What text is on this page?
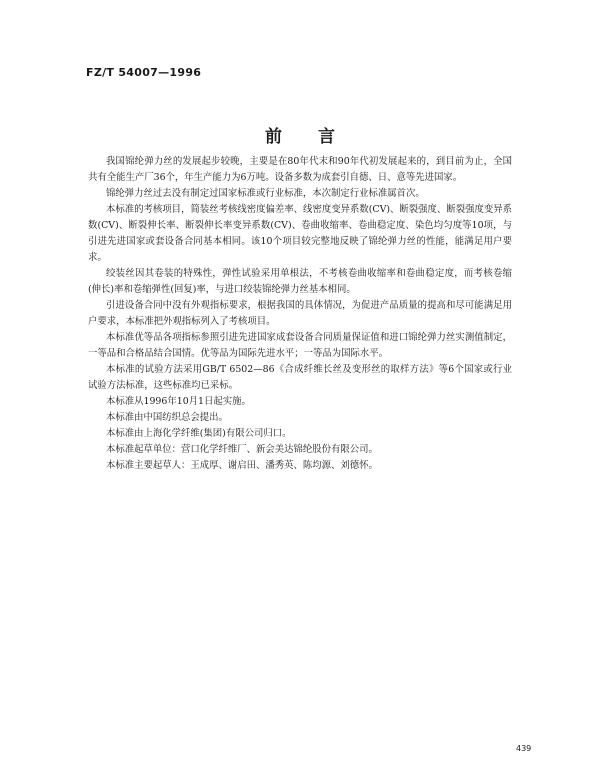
FZ/T 54007—1996
前言

我国锦纶弹力丝的发展起步较晚，主要是在80年代末和90年代初发展起来的，到目前为止，全国共有全能生产厂36个，年生产能力为6万吨。设备多数为成套引自德、日、意等先进国家。

锦纶弹力丝过去没有制定过国家标准或行业标准，本次制定行业标准属首次。

本标准的考核项目，简装丝考核线密度偏差率、线密度变异系数(CV)、断裂强度、断裂强度变异系数(CV)、断裂伸长率、断裂伸长率变异系数(CV)、卷曲收缩率、卷曲稳定度、染色均匀度等10项，与引进先进国家或套设备合同基本相同。该10个项目较完整地反映了锦纶弹力丝的性能，能满足用户要求。

绞装丝因其卷装的特殊性，弹性试验采用单根法，不考核卷曲收缩率和卷曲稳定度，而考核卷缩(伸长)率和卷缩弹性(回复)率，与进口绞装锦纶弹力丝基本相同。

引进设备合同中没有外观指标要求，根据我国的具体情况，为促进产品质量的提高和尽可能满足用户要求，本标准把外观指标列入了考核项目。

本标准优等品各项指标参照引进先进国家成套设备合同质量保证值和进口锦纶弹力丝实测值制定，一等品和合格品结合国情。优等品为国际先进水平；一等品为国际水平。

本标准的试验方法采用GB/T 6502—86《合成纤维长丝及变形丝的取样方法》等6个国家或行业试验方法标准，这些标准均已采标。

本标准从1996年10月1日起实施。

本标准由中国纺织总会提出。

本标准由上海化学纤维(集团)有限公司归口。

本标准起草单位：营口化学纤维厂、新会美达锦纶股份有限公司。

本标准主要起草人：王成厚、谢启田、潘秀英、陈均源、刘德怀。

439
